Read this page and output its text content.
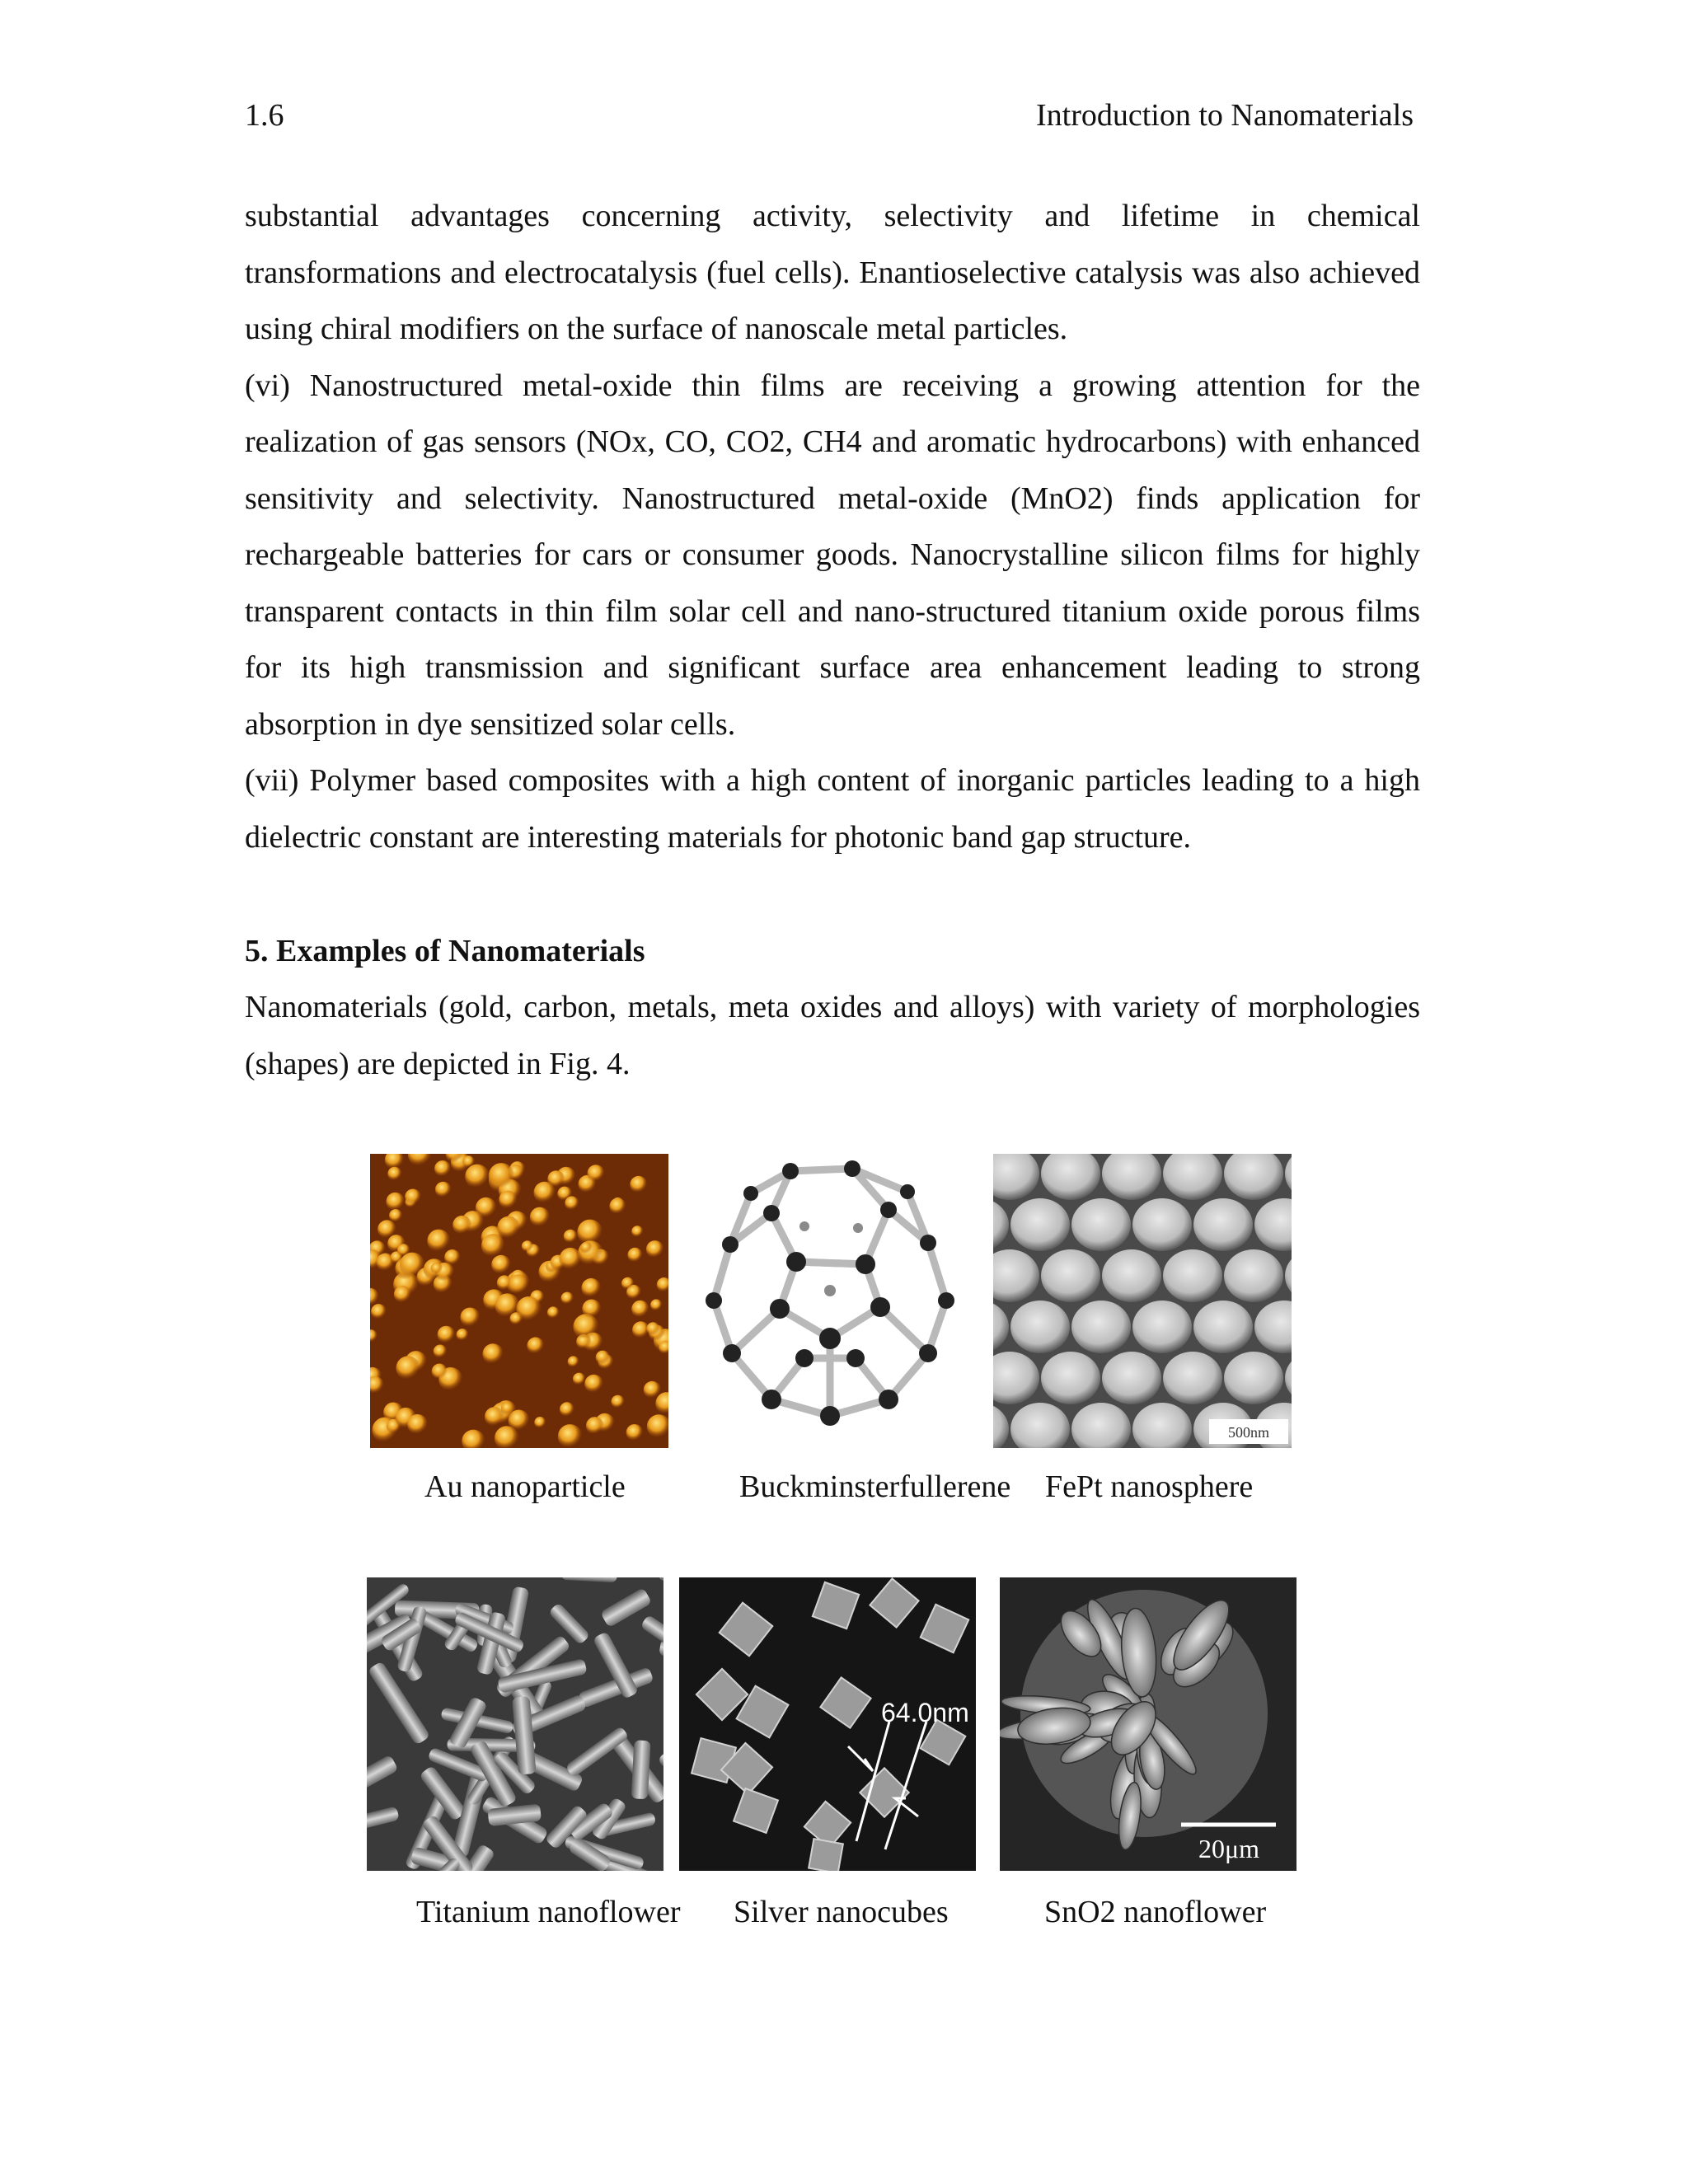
1.6	Introduction to Nanomaterials

substantial advantages concerning activity, selectivity and lifetime in chemical transformations and electrocatalysis (fuel cells). Enantioselective catalysis was also achieved using chiral modifiers on the surface of nanoscale metal particles.

(vi) Nanostructured metal-oxide thin films are receiving a growing attention for the realization of gas sensors (NOx, CO, CO2, CH4 and aromatic hydrocarbons) with enhanced sensitivity and selectivity. Nanostructured metal-oxide (MnO2) finds application for rechargeable batteries for cars or consumer goods. Nanocrystalline silicon films for highly transparent contacts in thin film solar cell and nano-structured titanium oxide porous films for its high transmission and significant surface area enhancement leading to strong absorption in dye sensitized solar cells.

(vii) Polymer based composites with a high content of inorganic particles leading to a high dielectric constant are interesting materials for photonic band gap structure.

5. Examples of Nanomaterials

Nanomaterials (gold, carbon, metals, meta oxides and alloys) with variety of morphologies (shapes) are depicted in Fig. 4.

500nm
Au nanoparticle	Buckminsterfullerene FePt nanosphere
64.0nm
20μm
Titanium nanoflower Silver nanocubes	SnO2 nanoflower
